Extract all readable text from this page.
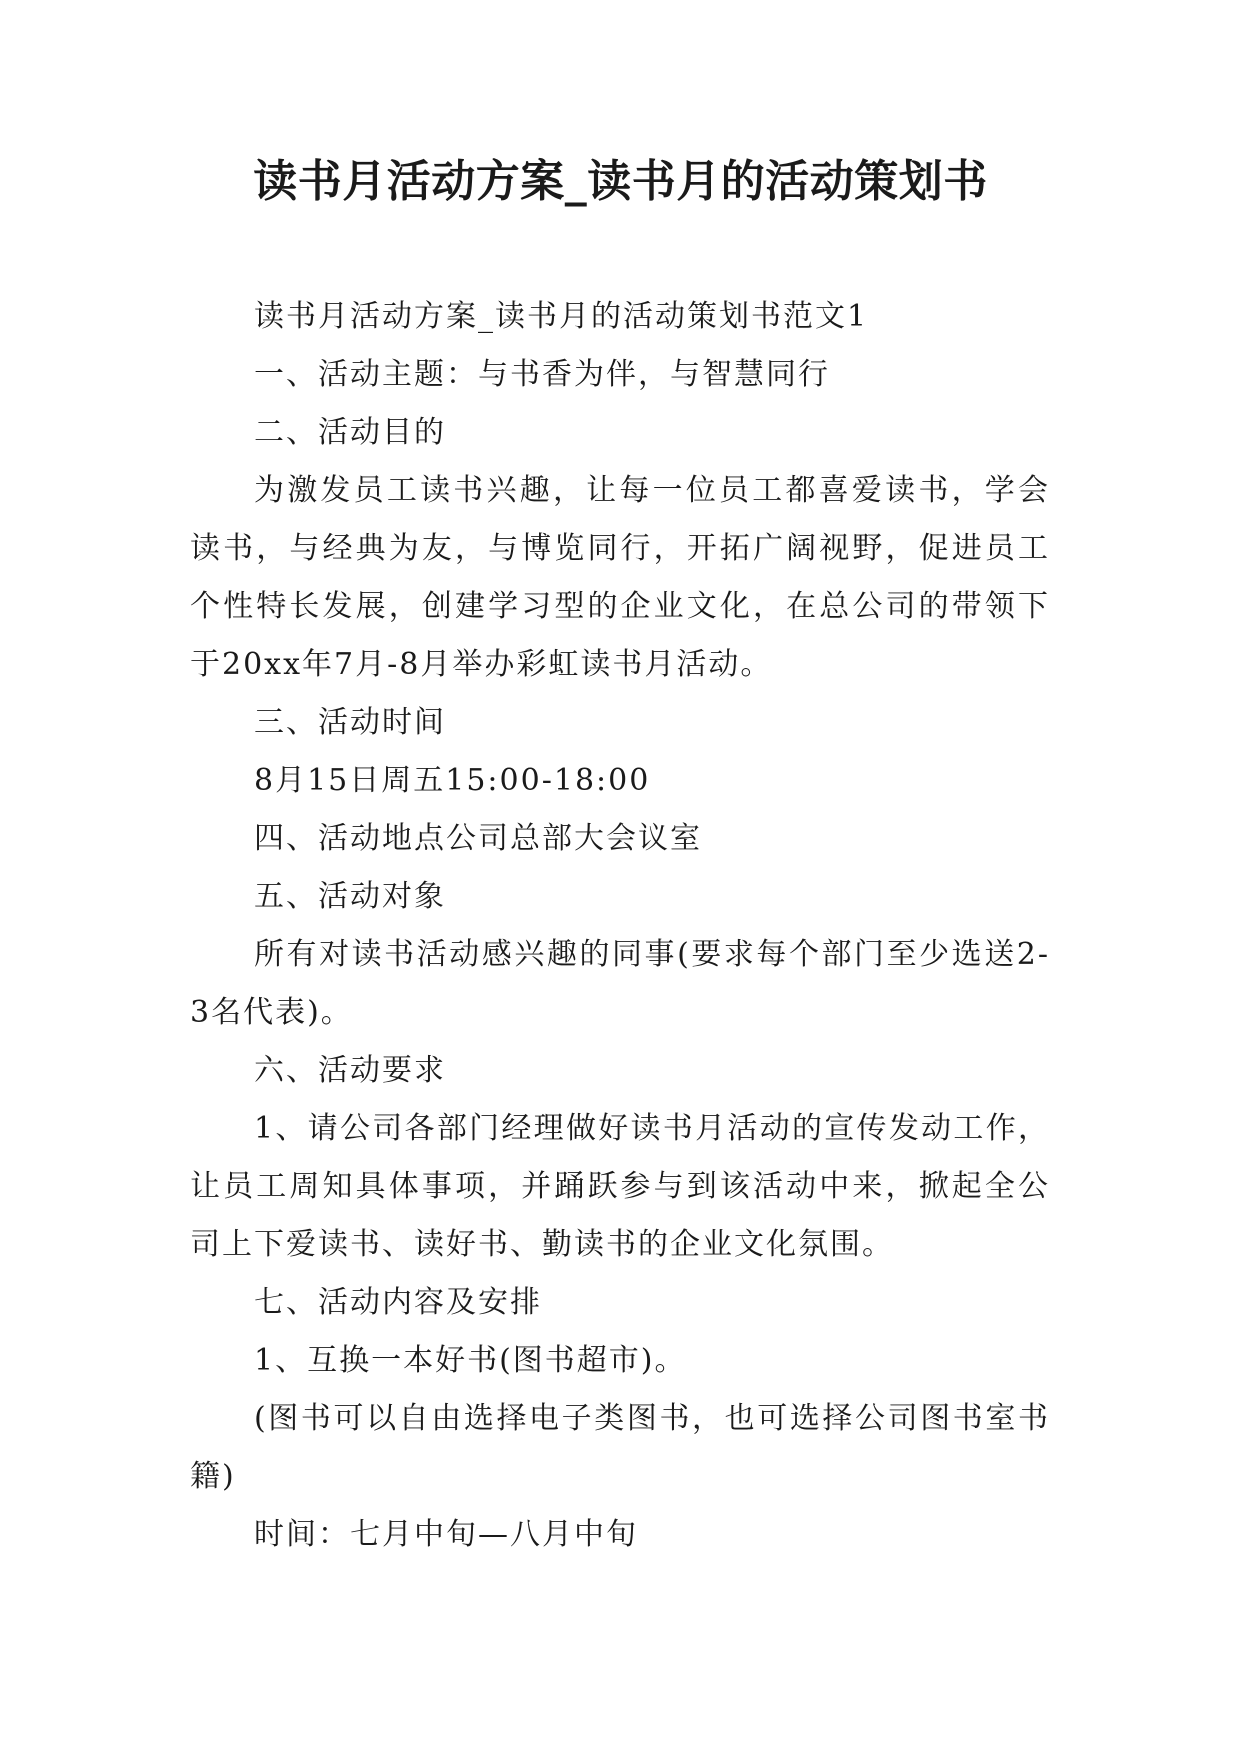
读书月活动方案_读书月的活动策划书

读书月活动方案_读书月的活动策划书范文1

一、活动主题：与书香为伴，与智慧同行

二、活动目的

为激发员工读书兴趣，让每一位员工都喜爱读书，学会读书，与经典为友，与博览同行，开拓广阔视野，促进员工个性特长发展，创建学习型的企业文化，在总公司的带领下于20xx年7月-8月举办彩虹读书月活动。

三、活动时间

8月15日周五15:00-18:00

四、活动地点公司总部大会议室

五、活动对象

所有对读书活动感兴趣的同事(要求每个部门至少选送2-3名代表)。

六、活动要求

1、请公司各部门经理做好读书月活动的宣传发动工作，让员工周知具体事项，并踊跃参与到该活动中来，掀起全公司上下爱读书、读好书、勤读书的企业文化氛围。

七、活动内容及安排

1、互换一本好书(图书超市)。

(图书可以自由选择电子类图书，也可选择公司图书室书籍)

时间：七月中旬—八月中旬
